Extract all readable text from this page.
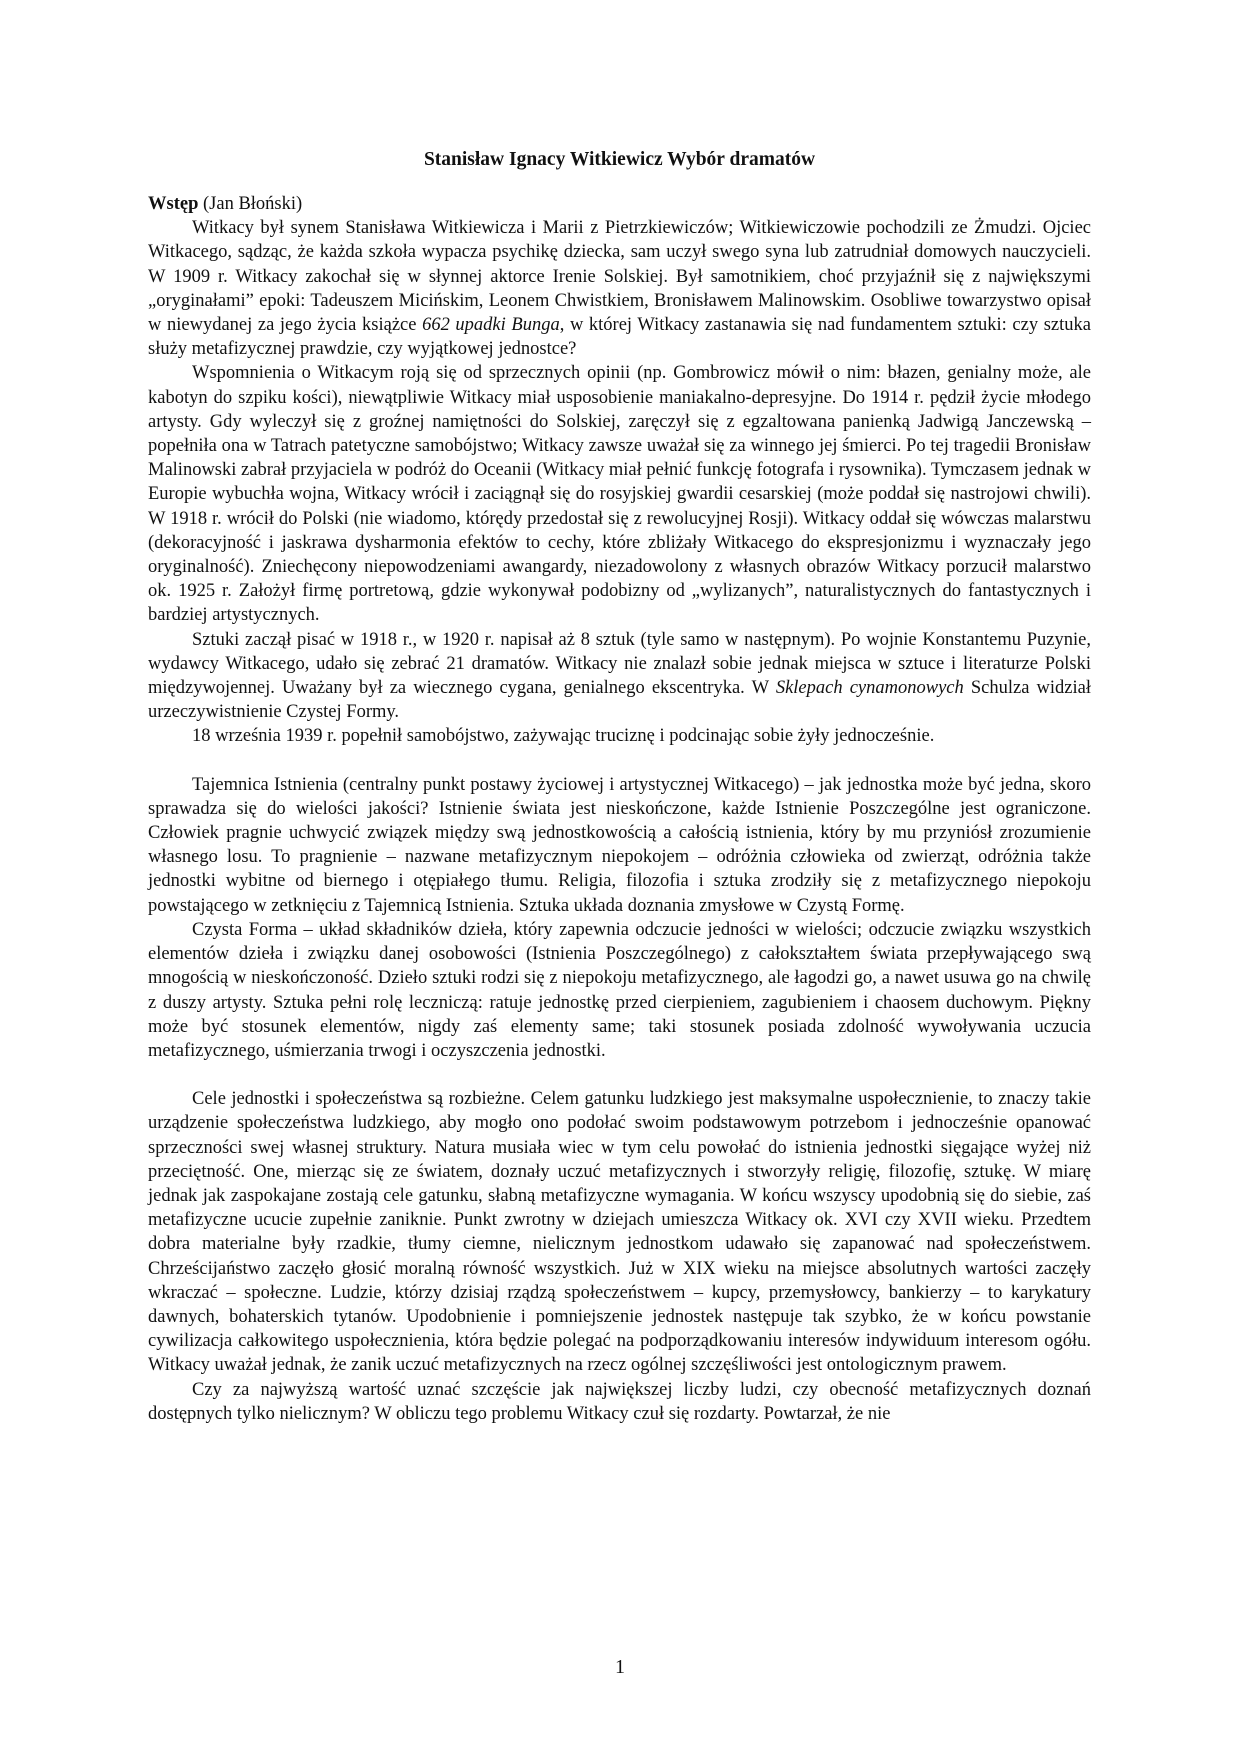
Stanisław Ignacy Witkiewicz Wybór dramatów

Wstęp (Jan Błoński)

Witkacy był synem Stanisława Witkiewicza i Marii z Pietrzkiewiczów; Witkiewiczowie pochodzili ze Żmudzi. Ojciec Witkacego, sądząc, że każda szkoła wypacza psychikę dziecka, sam uczył swego syna lub zatrudniał domowych nauczycieli. W 1909 r. Witkacy zakochał się w słynnej aktorce Irenie Solskiej. Był samotnikiem, choć przyjaźnił się z największymi „oryginałami” epoki: Tadeuszem Micińskim, Leonem Chwistkiem, Bronisławem Malinowskim. Osobliwe towarzystwo opisał w niewydanej za jego życia książce 662 upadki Bunga, w której Witkacy zastanawia się nad fundamentem sztuki: czy sztuka służy metafizycznej prawdzie, czy wyjątkowej jednostce?

Wspomnienia o Witkacym roją się od sprzecznych opinii (np. Gombrowicz mówił o nim: błazen, genialny może, ale kabotyn do szpiku kości), niewątpliwie Witkacy miał usposobienie maniakalno-depresyjne. Do 1914 r. pędził życie młodego artysty. Gdy wyleczył się z groźnej namiętności do Solskiej, zaręczył się z egzaltowana panienką Jadwigą Janczewską – popełniła ona w Tatrach patetyczne samobójstwo; Witkacy zawsze uważał się za winnego jej śmierci. Po tej tragedii Bronisław Malinowski zabrał przyjaciela w podróż do Oceanii (Witkacy miał pełnić funkcję fotografa i rysownika). Tymczasem jednak w Europie wybuchła wojna, Witkacy wrócił i zaciągnął się do rosyjskiej gwardii cesarskiej (może poddał się nastrojowi chwili). W 1918 r. wrócił do Polski (nie wiadomo, którędy przedostał się z rewolucyjnej Rosji). Witkacy oddał się wówczas malarstwu (dekoracyjność i jaskrawa dysharmonia efektów to cechy, które zbliżały Witkacego do ekspresjonizmu i wyznaczały jego oryginalność). Zniechęcony niepowodzeniami awangardy, niezadowolony z własnych obrazów Witkacy porzucił malarstwo ok. 1925 r. Założył firmę portretową, gdzie wykonywał podobizny od „wylizanych”, naturalistycznych do fantastycznych i bardziej artystycznych.

Sztuki zaczął pisać w 1918 r., w 1920 r. napisał aż 8 sztuk (tyle samo w następnym). Po wojnie Konstantemu Puzynie, wydawcy Witkacego, udało się zebrać 21 dramatów. Witkacy nie znalazł sobie jednak miejsca w sztuce i literaturze Polski międzywojennej. Uważany był za wiecznego cygana, genialnego ekscentryka. W Sklepach cynamonowych Schulza widział urzeczywistnienie Czystej Formy.

18 września 1939 r. popełnił samobójstwo, zażywając truciznę i podcinając sobie żyły jednocześnie.

Tajemnica Istnienia (centralny punkt postawy życiowej i artystycznej Witkacego) – jak jednostka może być jedna, skoro sprawadza się do wielości jakości? Istnienie świata jest nieskończone, każde Istnienie Poszczególne jest ograniczone. Człowiek pragnie uchwycić związek między swą jednostkowością a całością istnienia, który by mu przyniósł zrozumienie własnego losu. To pragnienie – nazwane metafizycznym niepokojem – odróżnia człowieka od zwierząt, odróżnia także jednostki wybitne od biernego i otępiałego tłumu. Religia, filozofia i sztuka zrodziły się z metafizycznego niepokoju powstającego w zetknięciu z Tajemnicą Istnienia. Sztuka układa doznania zmysłowe w Czystą Formę.

Czysta Forma – układ składników dzieła, który zapewnia odczucie jedności w wielości; odczucie związku wszystkich elementów dzieła i związku danej osobowości (Istnienia Poszczególnego) z całokształtem świata przepływającego swą mnogością w nieskończoność. Dzieło sztuki rodzi się z niepokoju metafizycznego, ale łagodzi go, a nawet usuwa go na chwilę z duszy artysty. Sztuka pełni rolę leczniczą: ratuje jednostkę przed cierpieniem, zagubieniem i chaosem duchowym. Piękny może być stosunek elementów, nigdy zaś elementy same; taki stosunek posiada zdolność wywoływania uczucia metafizycznego, uśmierzania trwogi i oczyszczenia jednostki.

Cele jednostki i społeczeństwa są rozbieżne. Celem gatunku ludzkiego jest maksymalne uspołecznienie, to znaczy takie urządzenie społeczeństwa ludzkiego, aby mogło ono podołać swoim podstawowym potrzebom i jednocześnie opanować sprzeczności swej własnej struktury. Natura musiała wiec w tym celu powołać do istnienia jednostki sięgające wyżej niż przeciętność. One, mierząc się ze światem, doznały uczuć metafizycznych i stworzyły religię, filozofię, sztukę. W miarę jednak jak zaspokajane zostają cele gatunku, słabną metafizyczne wymagania. W końcu wszyscy upodobnią się do siebie, zaś metafizyczne ucucie zupełnie zaniknie. Punkt zwrotny w dziejach umieszcza Witkacy ok. XVI czy XVII wieku. Przedtem dobra materialne były rzadkie, tłumy ciemne, nielicznym jednostkom udawało się zapanować nad społeczeństwem. Chrześcijaństwo zaczęło głosić moralną równość wszystkich. Już w XIX wieku na miejsce absolutnych wartości zaczęły wkraczać – społeczne. Ludzie, którzy dzisiaj rządzą społeczeństwem – kupcy, przemysłowcy, bankierzy – to karykatury dawnych, bohaterskich tytanów. Upodobnienie i pomniejszenie jednostek następuje tak szybko, że w końcu powstanie cywilizacja całkowitego uspołecznienia, która będzie polegać na podporządkowaniu interesów indywiduum interesom ogółu. Witkacy uważał jednak, że zanik uczuć metafizycznych na rzecz ogólnej szczęśliwości jest ontologicznym prawem.

Czy za najwyższą wartość uznać szczęście jak największej liczby ludzi, czy obecność metafizycznych doznań dostępnych tylko nielicznym? W obliczu tego problemu Witkacy czuł się rozdarty. Powtarzał, że nie

1
